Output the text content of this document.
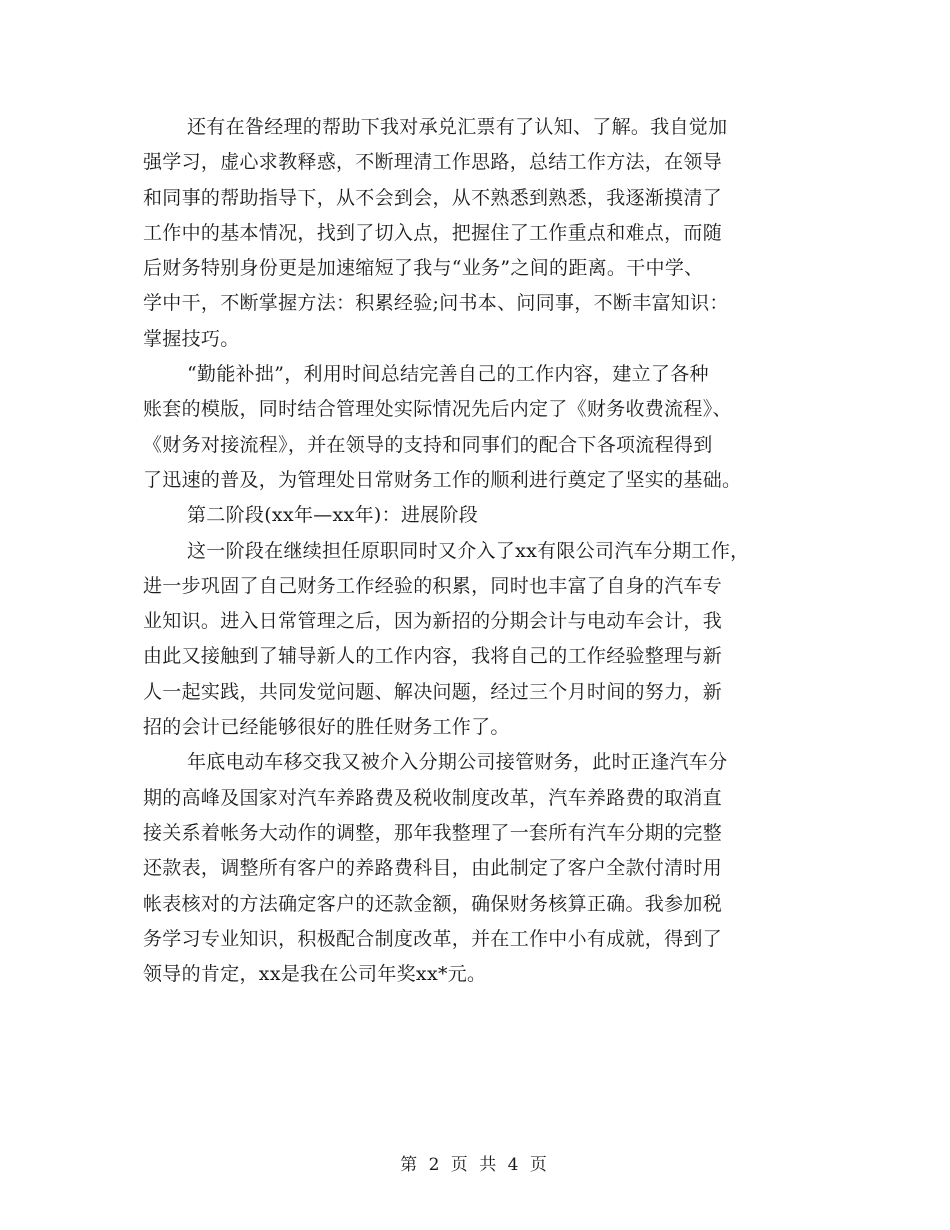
还有在昝经理的帮助下我对承兑汇票有了认知、了解。我自觉加
强学习，虚心求教释惑，不断理清工作思路，总结工作方法，在领导
和同事的帮助指导下，从不会到会，从不熟悉到熟悉，我逐渐摸清了
工作中的基本情况，找到了切入点，把握住了工作重点和难点，而随
后财务特别身份更是加速缩短了我与“业务”之间的距离。干中学、
学中干，不断掌握方法：积累经验;问书本、问同事，不断丰富知识：
掌握技巧。
“勤能补拙”，利用时间总结完善自己的工作内容，建立了各种
账套的模版，同时结合管理处实际情况先后内定了《财务收费流程》、
《财务对接流程》，并在领导的支持和同事们的配合下各项流程得到
了迅速的普及，为管理处日常财务工作的顺利进行奠定了坚实的基础。
第二阶段(xx年—xx年)：进展阶段
这一阶段在继续担任原职同时又介入了xx有限公司汽车分期工作，
进一步巩固了自己财务工作经验的积累，同时也丰富了自身的汽车专
业知识。进入日常管理之后，因为新招的分期会计与电动车会计，我
由此又接触到了辅导新人的工作内容，我将自己的工作经验整理与新
人一起实践，共同发觉问题、解决问题，经过三个月时间的努力，新
招的会计已经能够很好的胜任财务工作了。
年底电动车移交我又被介入分期公司接管财务，此时正逢汽车分
期的高峰及国家对汽车养路费及税收制度改革，汽车养路费的取消直
接关系着帐务大动作的调整，那年我整理了一套所有汽车分期的完整
还款表，调整所有客户的养路费科目，由此制定了客户全款付清时用
帐表核对的方法确定客户的还款金额，确保财务核算正确。我参加税
务学习专业知识，积极配合制度改革，并在工作中小有成就，得到了
领导的肯定，xx是我在公司年奖xx*元。
第 2 页 共 4 页
